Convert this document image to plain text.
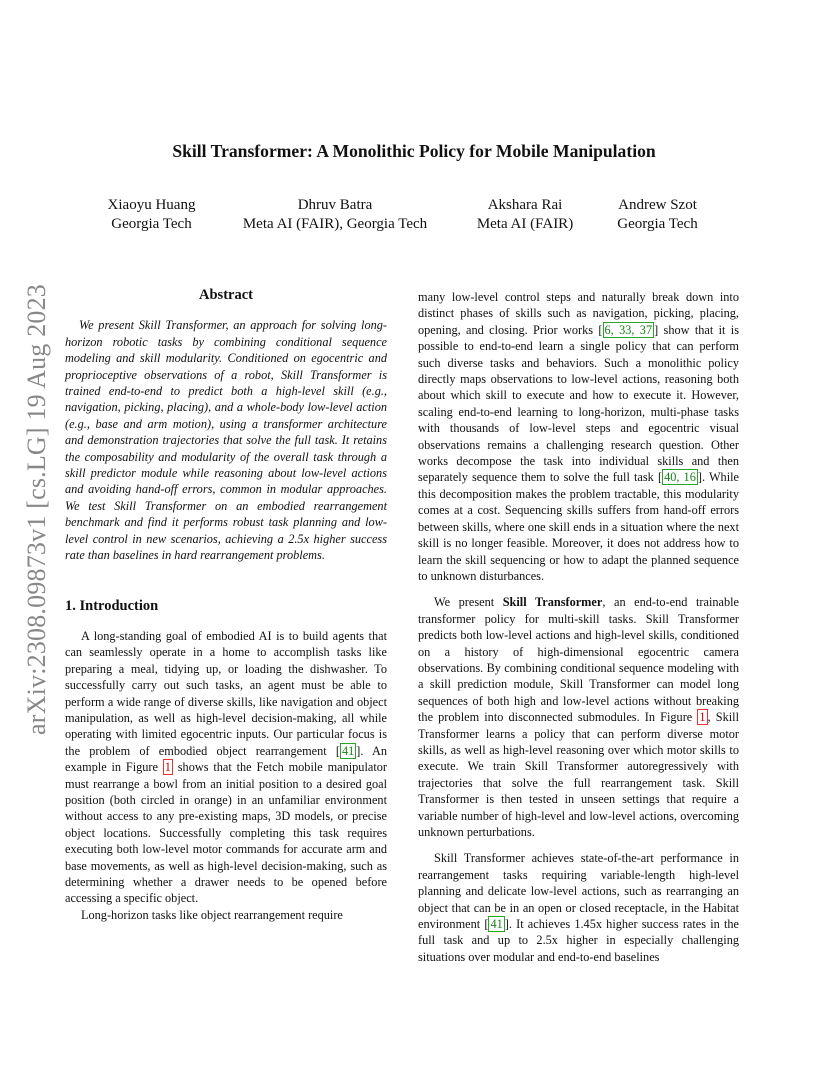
arXiv:2308.09873v1 [cs.LG] 19 Aug 2023
Skill Transformer: A Monolithic Policy for Mobile Manipulation
Xiaoyu Huang
Georgia Tech
Dhruv Batra
Meta AI (FAIR), Georgia Tech
Akshara Rai
Meta AI (FAIR)
Andrew Szot
Georgia Tech
Abstract

We present Skill Transformer, an approach for solving long-horizon robotic tasks by combining conditional sequence modeling and skill modularity. Conditioned on egocentric and proprioceptive observations of a robot, Skill Transformer is trained end-to-end to predict both a high-level skill (e.g., navigation, picking, placing), and a whole-body low-level action (e.g., base and arm motion), using a transformer architecture and demonstration trajectories that solve the full task. It retains the composability and modularity of the overall task through a skill predictor module while reasoning about low-level actions and avoiding hand-off errors, common in modular approaches. We test Skill Transformer on an embodied rearrangement benchmark and find it performs robust task planning and low-level control in new scenarios, achieving a 2.5x higher success rate than baselines in hard rearrangement problems.

1. Introduction

A long-standing goal of embodied AI is to build agents that can seamlessly operate in a home to accomplish tasks like preparing a meal, tidying up, or loading the dishwasher. To successfully carry out such tasks, an agent must be able to perform a wide range of diverse skills, like navigation and object manipulation, as well as high-level decision-making, all while operating with limited egocentric inputs. Our particular focus is the problem of embodied object rearrangement [ 41 ]. An example in Figure 1 shows that the Fetch mobile manipulator must rearrange a bowl from an initial position to a desired goal position (both circled in orange) in an unfamiliar environment without access to any pre-existing maps, 3D models, or precise object locations. Successfully completing this task requires executing both low-level motor commands for accurate arm and base movements, as well as high-level decision-making, such as determining whether a drawer needs to be opened before accessing a specific object.

Long-horizon tasks like object rearrangement require

many low-level control steps and naturally break down into distinct phases of skills such as navigation, picking, placing, opening, and closing. Prior works [ 6, 33, 37 ] show that it is possible to end-to-end learn a single policy that can perform such diverse tasks and behaviors. Such a monolithic policy directly maps observations to low-level actions, reasoning both about which skill to execute and how to execute it. However, scaling end-to-end learning to long-horizon, multi-phase tasks with thousands of low-level steps and egocentric visual observations remains a challenging research question. Other works decompose the task into individual skills and then separately sequence them to solve the full task [ 40, 16 ]. While this decomposition makes the problem tractable, this modularity comes at a cost. Sequencing skills suffers from hand-off errors between skills, where one skill ends in a situation where the next skill is no longer feasible. Moreover, it does not address how to learn the skill sequencing or how to adapt the planned sequence to unknown disturbances.

We present Skill Transformer, an end-to-end trainable transformer policy for multi-skill tasks. Skill Transformer predicts both low-level actions and high-level skills, conditioned on a history of high-dimensional egocentric camera observations. By combining conditional sequence modeling with a skill prediction module, Skill Transformer can model long sequences of both high and low-level actions without breaking the problem into disconnected submodules. In Figure 1 , Skill Transformer learns a policy that can perform diverse motor skills, as well as high-level reasoning over which motor skills to execute. We train Skill Transformer autoregressively with trajectories that solve the full rearrangement task. Skill Transformer is then tested in unseen settings that require a variable number of high-level and low-level actions, overcoming unknown perturbations.

Skill Transformer achieves state-of-the-art performance in rearrangement tasks requiring variable-length high-level planning and delicate low-level actions, such as rearranging an object that can be in an open or closed receptacle, in the Habitat environment [ 41 ]. It achieves 1.45x higher success rates in the full task and up to 2.5x higher in especially challenging situations over modular and end-to-end baselines
